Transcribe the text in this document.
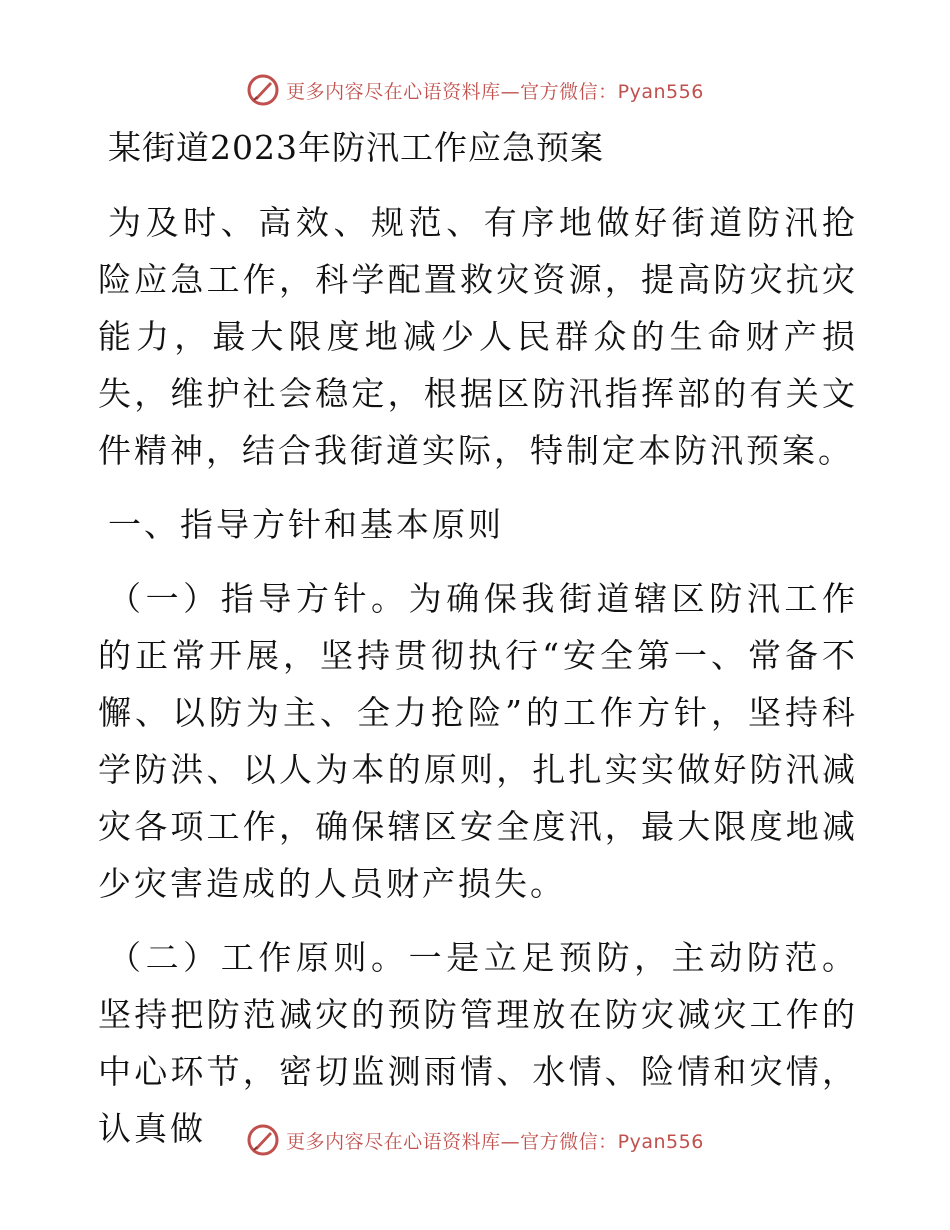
更多内容尽在心语资料库—官方微信：Pyan556
某街道2023年防汛工作应急预案

为及时、高效、规范、有序地做好街道防汛抢险应急工作，科学配置救灾资源，提高防灾抗灾能力，最大限度地减少人民群众的生命财产损失，维护社会稳定，根据区防汛指挥部的有关文件精神，结合我街道实际，特制定本防汛预案。

一、指导方针和基本原则

（一）指导方针。为确保我街道辖区防汛工作的正常开展，坚持贯彻执行“安全第一、常备不懈、以防为主、全力抢险”的工作方针，坚持科学防洪、以人为本的原则，扎扎实实做好防汛减灾各项工作，确保辖区安全度汛，最大限度地减少灾害造成的人员财产损失。

（二）工作原则。一是立足预防，主动防范。坚持把防范减灾的预防管理放在防灾减灾工作的中心环节，密切监测雨情、水情、险情和灾情，认真做	更多内容尽在心语资料库—官方微信：Pyan556
